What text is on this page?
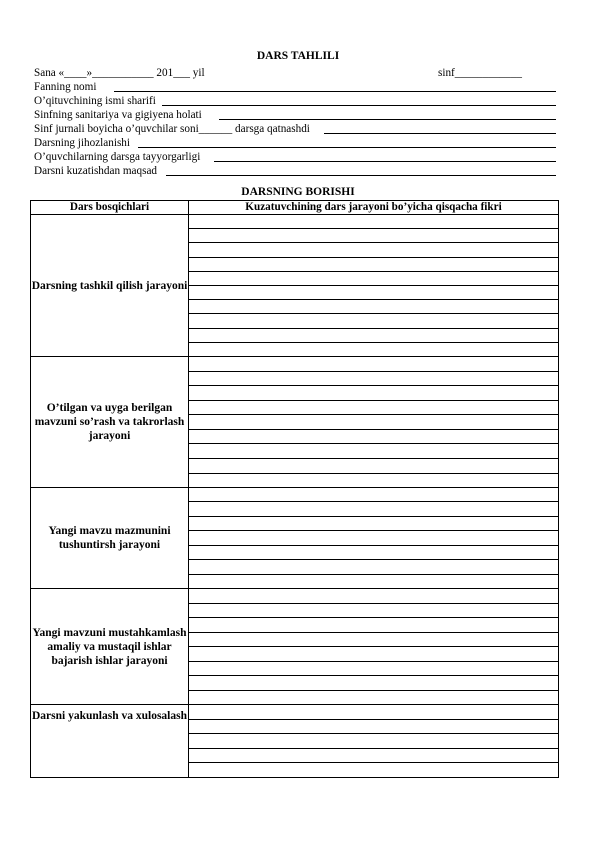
DARS TAHLILI
Sana «____»___________ 201___ yil	sinf____________
Fanning nomi
O’qituvchining ismi sharifi
Sinfning sanitariya va gigiyena holati
Sinf jurnali boyicha o’quvchilar soni______ darsga qatnashdi
Darsning jihozlanishi
O’quvchilarning darsga tayyorgarligi
Darsni kuzatishdan maqsad
DARSNING BORISHI
Dars bosqichlari	Kuzatuvchining dars jarayoni bo’yicha qisqacha fikri
Darsning tashkil qilish jarayoni	

O’tilgan va uyga berilgan mavzuni so’rash va takrorlash jarayoni	

Yangi mavzu mazmunini tushuntirsh jarayoni	

Yangi mavzuni mustahkamlash amaliy va mustaqil ishlar bajarish ishlar jarayoni	

Darsni yakunlash va xulosalash	
